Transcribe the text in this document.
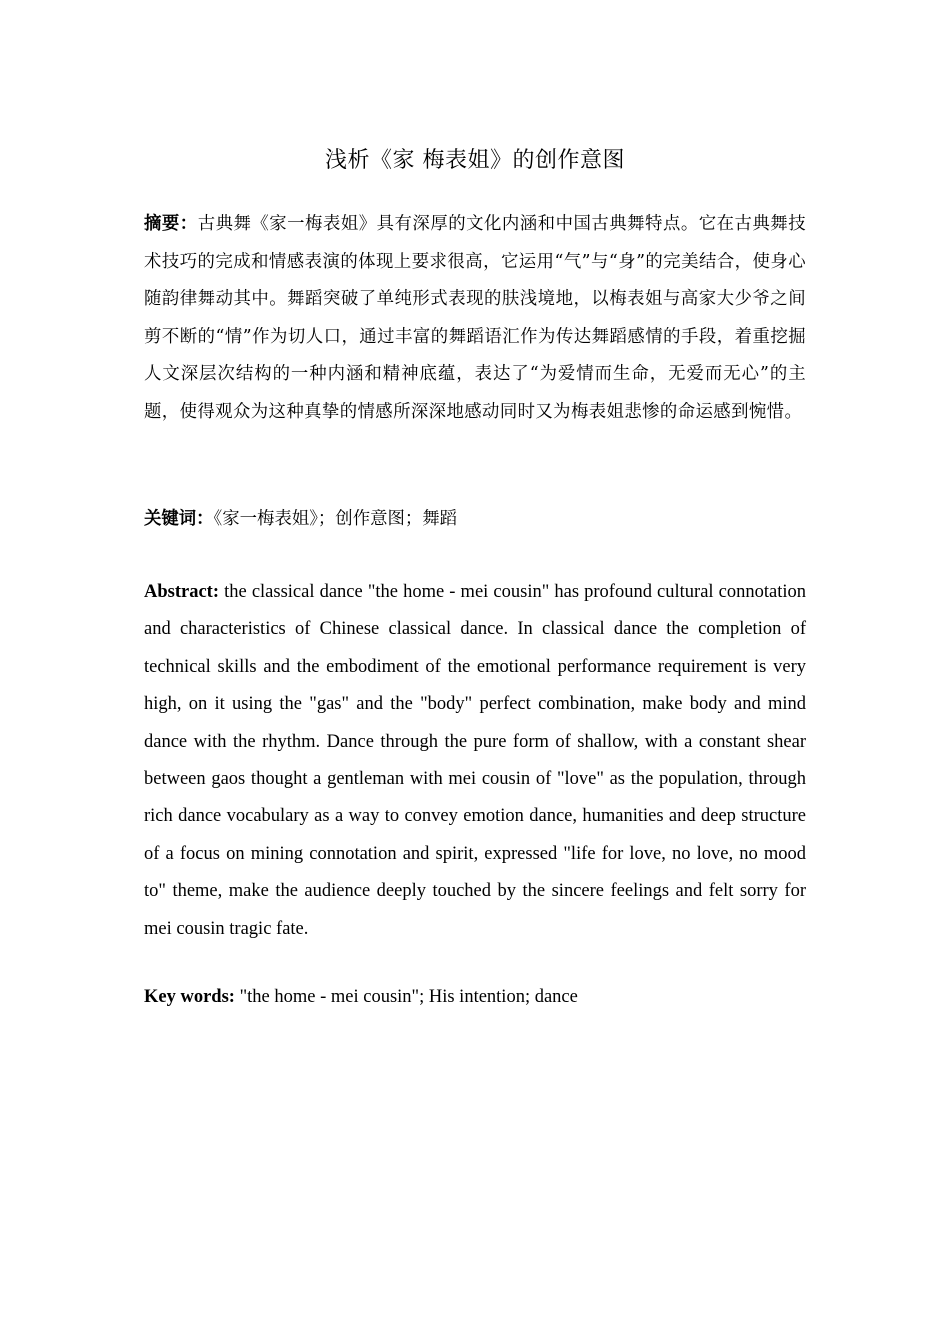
浅析《家 梅表姐》的创作意图
摘要：古典舞《家一梅表姐》具有深厚的文化内涵和中国古典舞特点。它在古典舞技术技巧的完成和情感表演的体现上要求很高，它运用“气”与“身”的完美结合，使身心随韵律舞动其中。舞蹈突破了单纯形式表现的肤浅境地，以梅表姐与高家大少爷之间剪不断的“情”作为切人口，通过丰富的舞蹈语汇作为传达舞蹈感情的手段，着重挖掘人文深层次结构的一种内涵和精神底蕴，表达了“为爱情而生命，无爱而无心”的主题，使得观众为这种真挚的情感所深深地感动同时又为梅表姐悲惨的命运感到惋惜。
关键词：《家一梅表姐》；创作意图；舞蹈
Abstract: the classical dance "the home - mei cousin" has profound cultural connotation and characteristics of Chinese classical dance. In classical dance the completion of technical skills and the embodiment of the emotional performance requirement is very high, on it using the "gas" and the "body" perfect combination, make body and mind dance with the rhythm. Dance through the pure form of shallow, with a constant shear between gaos thought a gentleman with mei cousin of "love" as the population, through rich dance vocabulary as a way to convey emotion dance, humanities and deep structure of a focus on mining connotation and spirit, expressed "life for love, no love, no mood to" theme, make the audience deeply touched by the sincere feelings and felt sorry for mei cousin tragic fate.
Key words: "the home - mei cousin"; His intention; dance
